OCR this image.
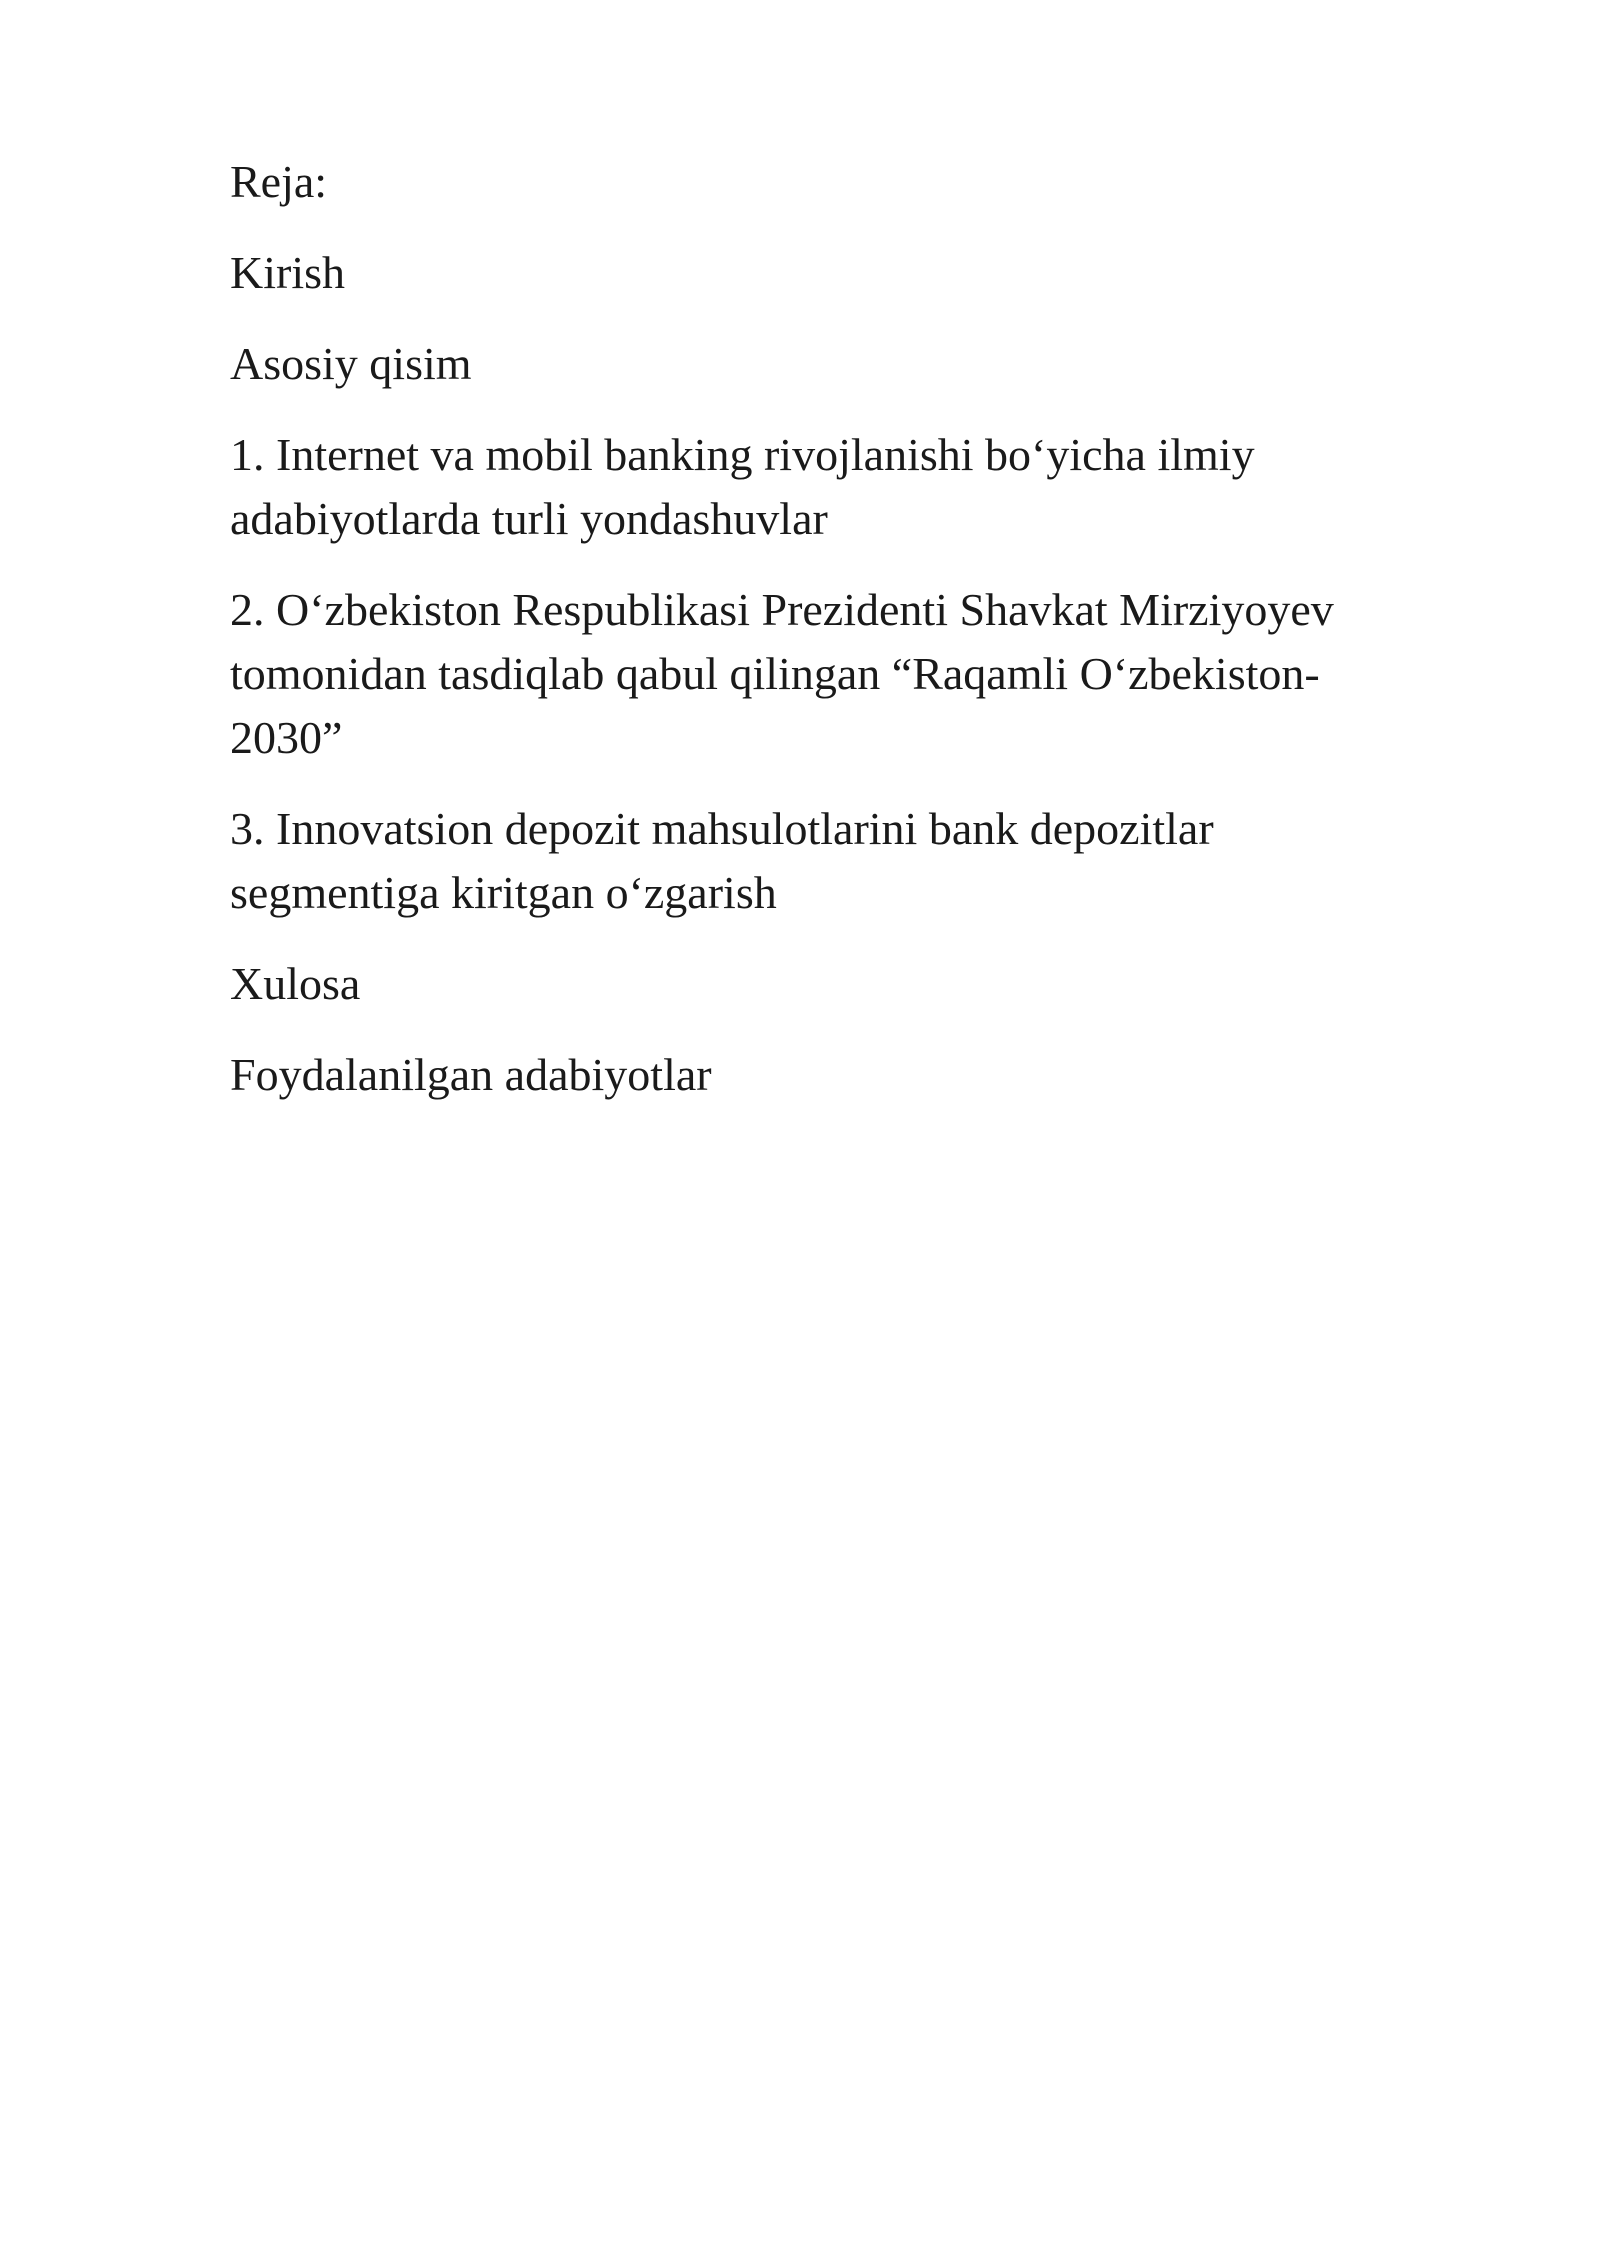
Reja:

Kirish

Asosiy qisim

1. Internet va mobil banking rivojlanishi bo‘yicha ilmiy adabiyotlarda turli yondashuvlar

2. O‘zbekiston Respublikasi Prezidenti Shavkat Mirziyoyev tomonidan tasdiqlab qabul qilingan “Raqamli O‘zbekiston-2030”

3. Innovatsion depozit mahsulotlarini bank depozitlar segmentiga kiritgan o‘zgarish

Xulosa

Foydalanilgan adabiyotlar
